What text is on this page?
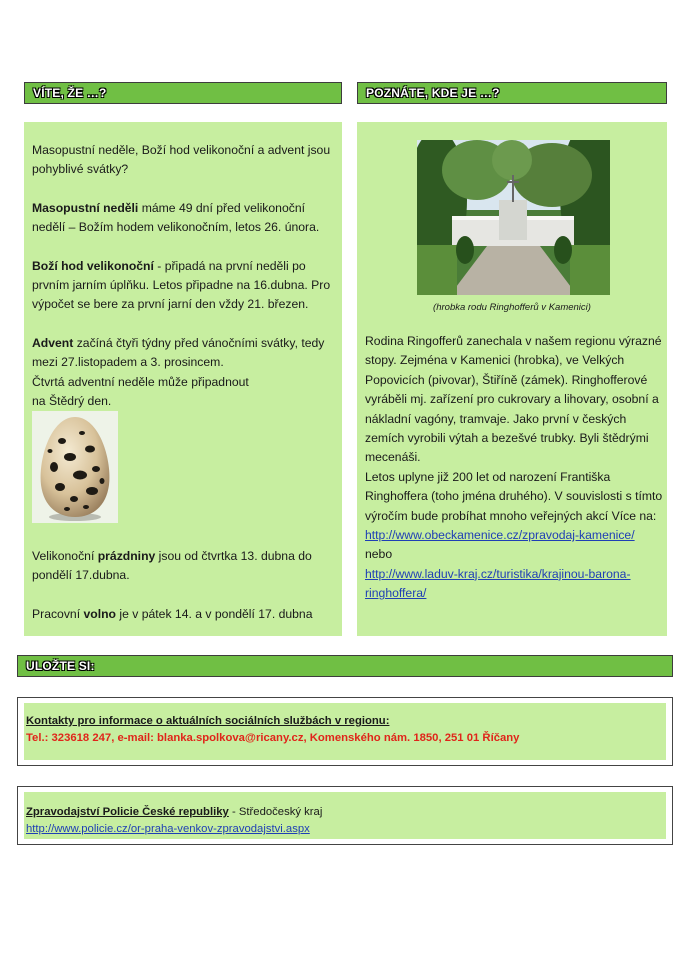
VÍTE, ŽE …?	POZNÁTE, KDE JE …?

Masopustní neděle, Boží hod velikonoční a advent jsou pohyblivé svátky?

Masopustní neděli máme 49 dní před velikonoční nedělí – Božím hodem velikonočním, letos 26. února.

Boží hod velikonoční - připadá na první neděli po prvním jarním úplňku. Letos připadne na 16.dubna. Pro výpočet se bere za první jarní den vždy 21. březen.

Advent začíná čtyři týdny před vánočními svátky, tedy mezi 27.listopadem a 3. prosincem.

Čtvrtá adventní neděle může připadnout

na Štědrý den.

Velikonoční prázdniny jsou od čtvrtka 13. dubna do pondělí 17.dubna.

Pracovní volno je v pátek 14. a v pondělí 17. dubna

(hrobka rodu Ringhofferů v Kamenici)

Rodina Ringofferů zanechala v našem regionu výrazné stopy. Zejména v Kamenici (hrobka), ve Velkých Popovicích (pivovar), Štiříně (zámek). Ringhofferové vyráběli mj. zařízení pro cukrovary a lihovary, osobní a nákladní vagóny, tramvaje. Jako první v českých zemích vyrobili výtah a bezešvé trubky. Byli štědrými mecenáši.

Letos uplyne již 200 let od narození Františka Ringhoffera (toho jména druhého). V souvislosti s tímto výročím bude probíhat mnoho veřejných akcí Více na:

http://www.obeckamenice.cz/zpravodaj-kamenice/

nebo

http://www.laduv-kraj.cz/turistika/krajinou-barona-ringhoffera/

ULOŽTE SI:
Kontakty pro informace o aktuálních sociálních službách v regionu:
Tel.: 323618 247, e-mail: blanka.spolkova@ricany.cz, Komenského nám. 1850, 251 01 Říčany
Zpravodajství Policie České republiky - Středočeský kraj
http://www.policie.cz/or-praha-venkov-zpravodajstvi.aspx
